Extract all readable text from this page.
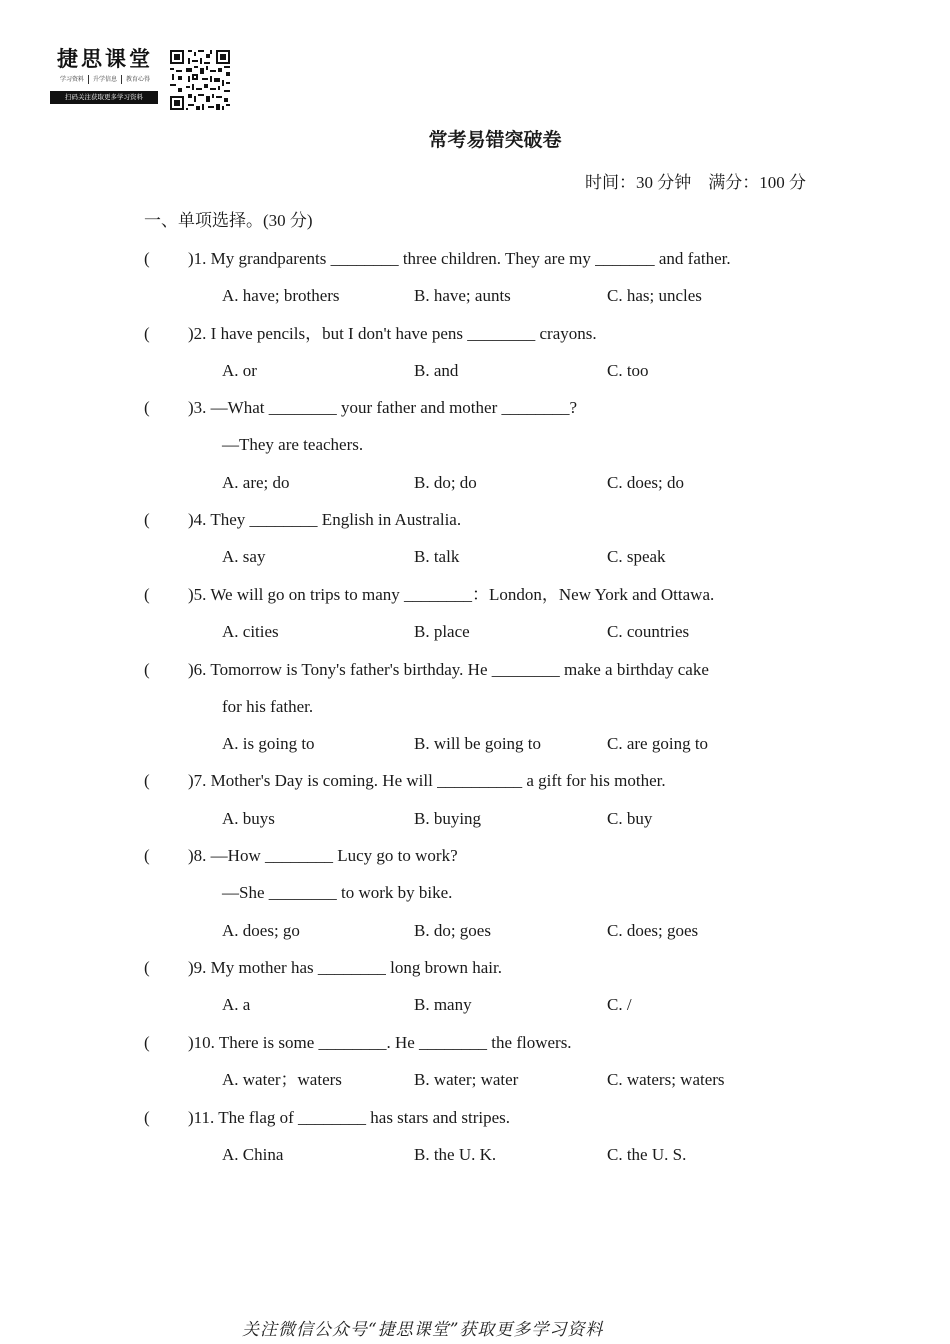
捷思课堂
学习资料 升学信息 教育心得
扫码关注获取更多学习资料
常考易错突破卷
时间：30 分钟    满分：100 分
一、单项选择。(30 分)
( )1. My grandparents ________ three children. They are my _______ and father.
A. have; brothers	B. have; aunts	C. has; uncles
( )2. I have pencils，but I don't have pens ________ crayons.
A. or	B. and	C. too
( )3. —What ________ your father and mother ________?
—They are teachers.
A. are; do	B. do; do	C. does; do
( )4. They ________ English in Australia.
A. say	B. talk	C. speak
( )5. We will go on trips to many ________：London，New York and Ottawa.
A. cities	B. place	C. countries
( )6. Tomorrow is Tony's father's birthday. He ________ make a birthday cake
for his father.
A. is going to	B. will be going to	C. are going to
( )7. Mother's Day is coming. He will __________ a gift for his mother.
A. buys	B. buying	C. buy
( )8. —How ________ Lucy go to work?
—She ________ to work by bike.
A. does; go	B. do; goes	C. does; goes
( )9. My mother has ________ long brown hair.
A. a	B. many	C. /
( )10. There is some ________. He ________ the flowers.
A. water；waters	B. water; water	C. waters; waters
( )11. The flag of ________ has stars and stripes.
A. China	B. the U. K.	C. the U. S.
关注微信公众号“捷思课堂”获取更多学习资料
